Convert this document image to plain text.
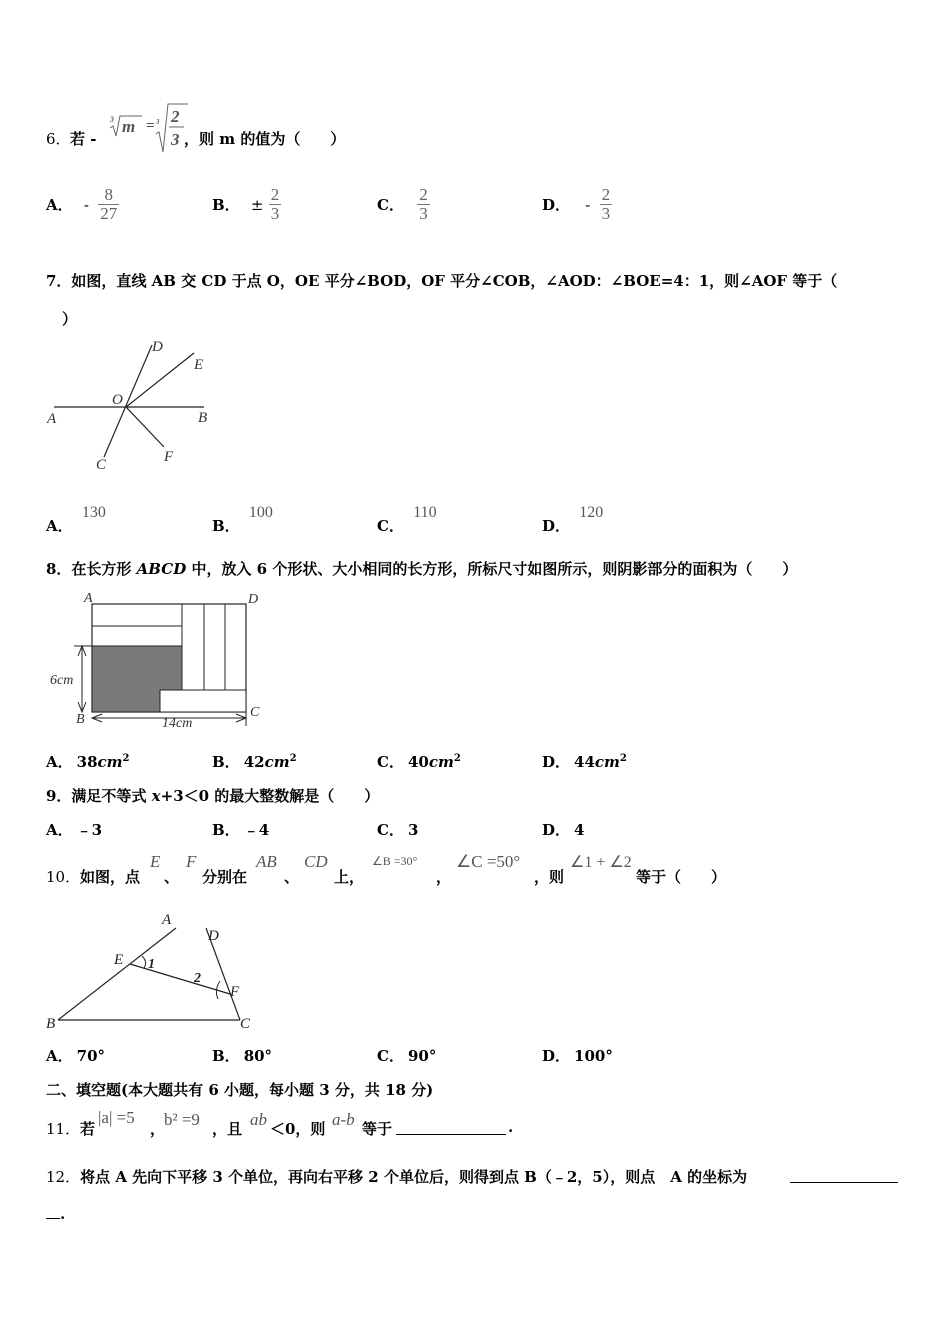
6． 若 -
3 m = 3 2
3 ，则 m 的值为（　　）
A． - $\frac{8}{27}$	B． ± $\frac{2}{3}$	C． $\frac{2}{3}$	D． - $\frac{2}{3}$
7．如图，直线 AB 交 CD 于点 O，OE 平分∠BOD，OF 平分∠COB，∠AOD：∠BOE=4：1，则∠AOF 等于（
）
D
E
O
A	B
C	F
A． 130
B． 100
C． 110
D． 120
8．在长方形 ABCD 中，放入 6 个形状、大小相同的长方形，所标尺寸如图所示，则阴影部分的面积为（　　）
A	D
B	C
6cm
14cm
A． $38cm^2$	B． $42cm^2$	C． $40cm^2$	D． $44cm^2$
9．满足不等式 x+3＜0 的最大整数解是（　　）
A． ﹣3	B． ﹣4	C． 3	D． 4
10． 如图，点
E
、
F
分别在
AB
、
CD
上，
∠B =30°
，
∠C =50°
，则
∠1 + ∠2
等于（　　）
A
D
E 1
2
F
B	C
A． 70°	B． 80°	C． 90°	D． 100°
二、填空题(本大题共有 6 小题，每小题 3 分，共 18 分)
11． 若
|a| =5
，
b² =9 ，且 ab ＜0，则 a-b 等于	.
12．将点 A 先向下平移 3 个单位，再向右平移 2 个单位后，则得到点 B（﹣2，5），则点　A 的坐标为
.
